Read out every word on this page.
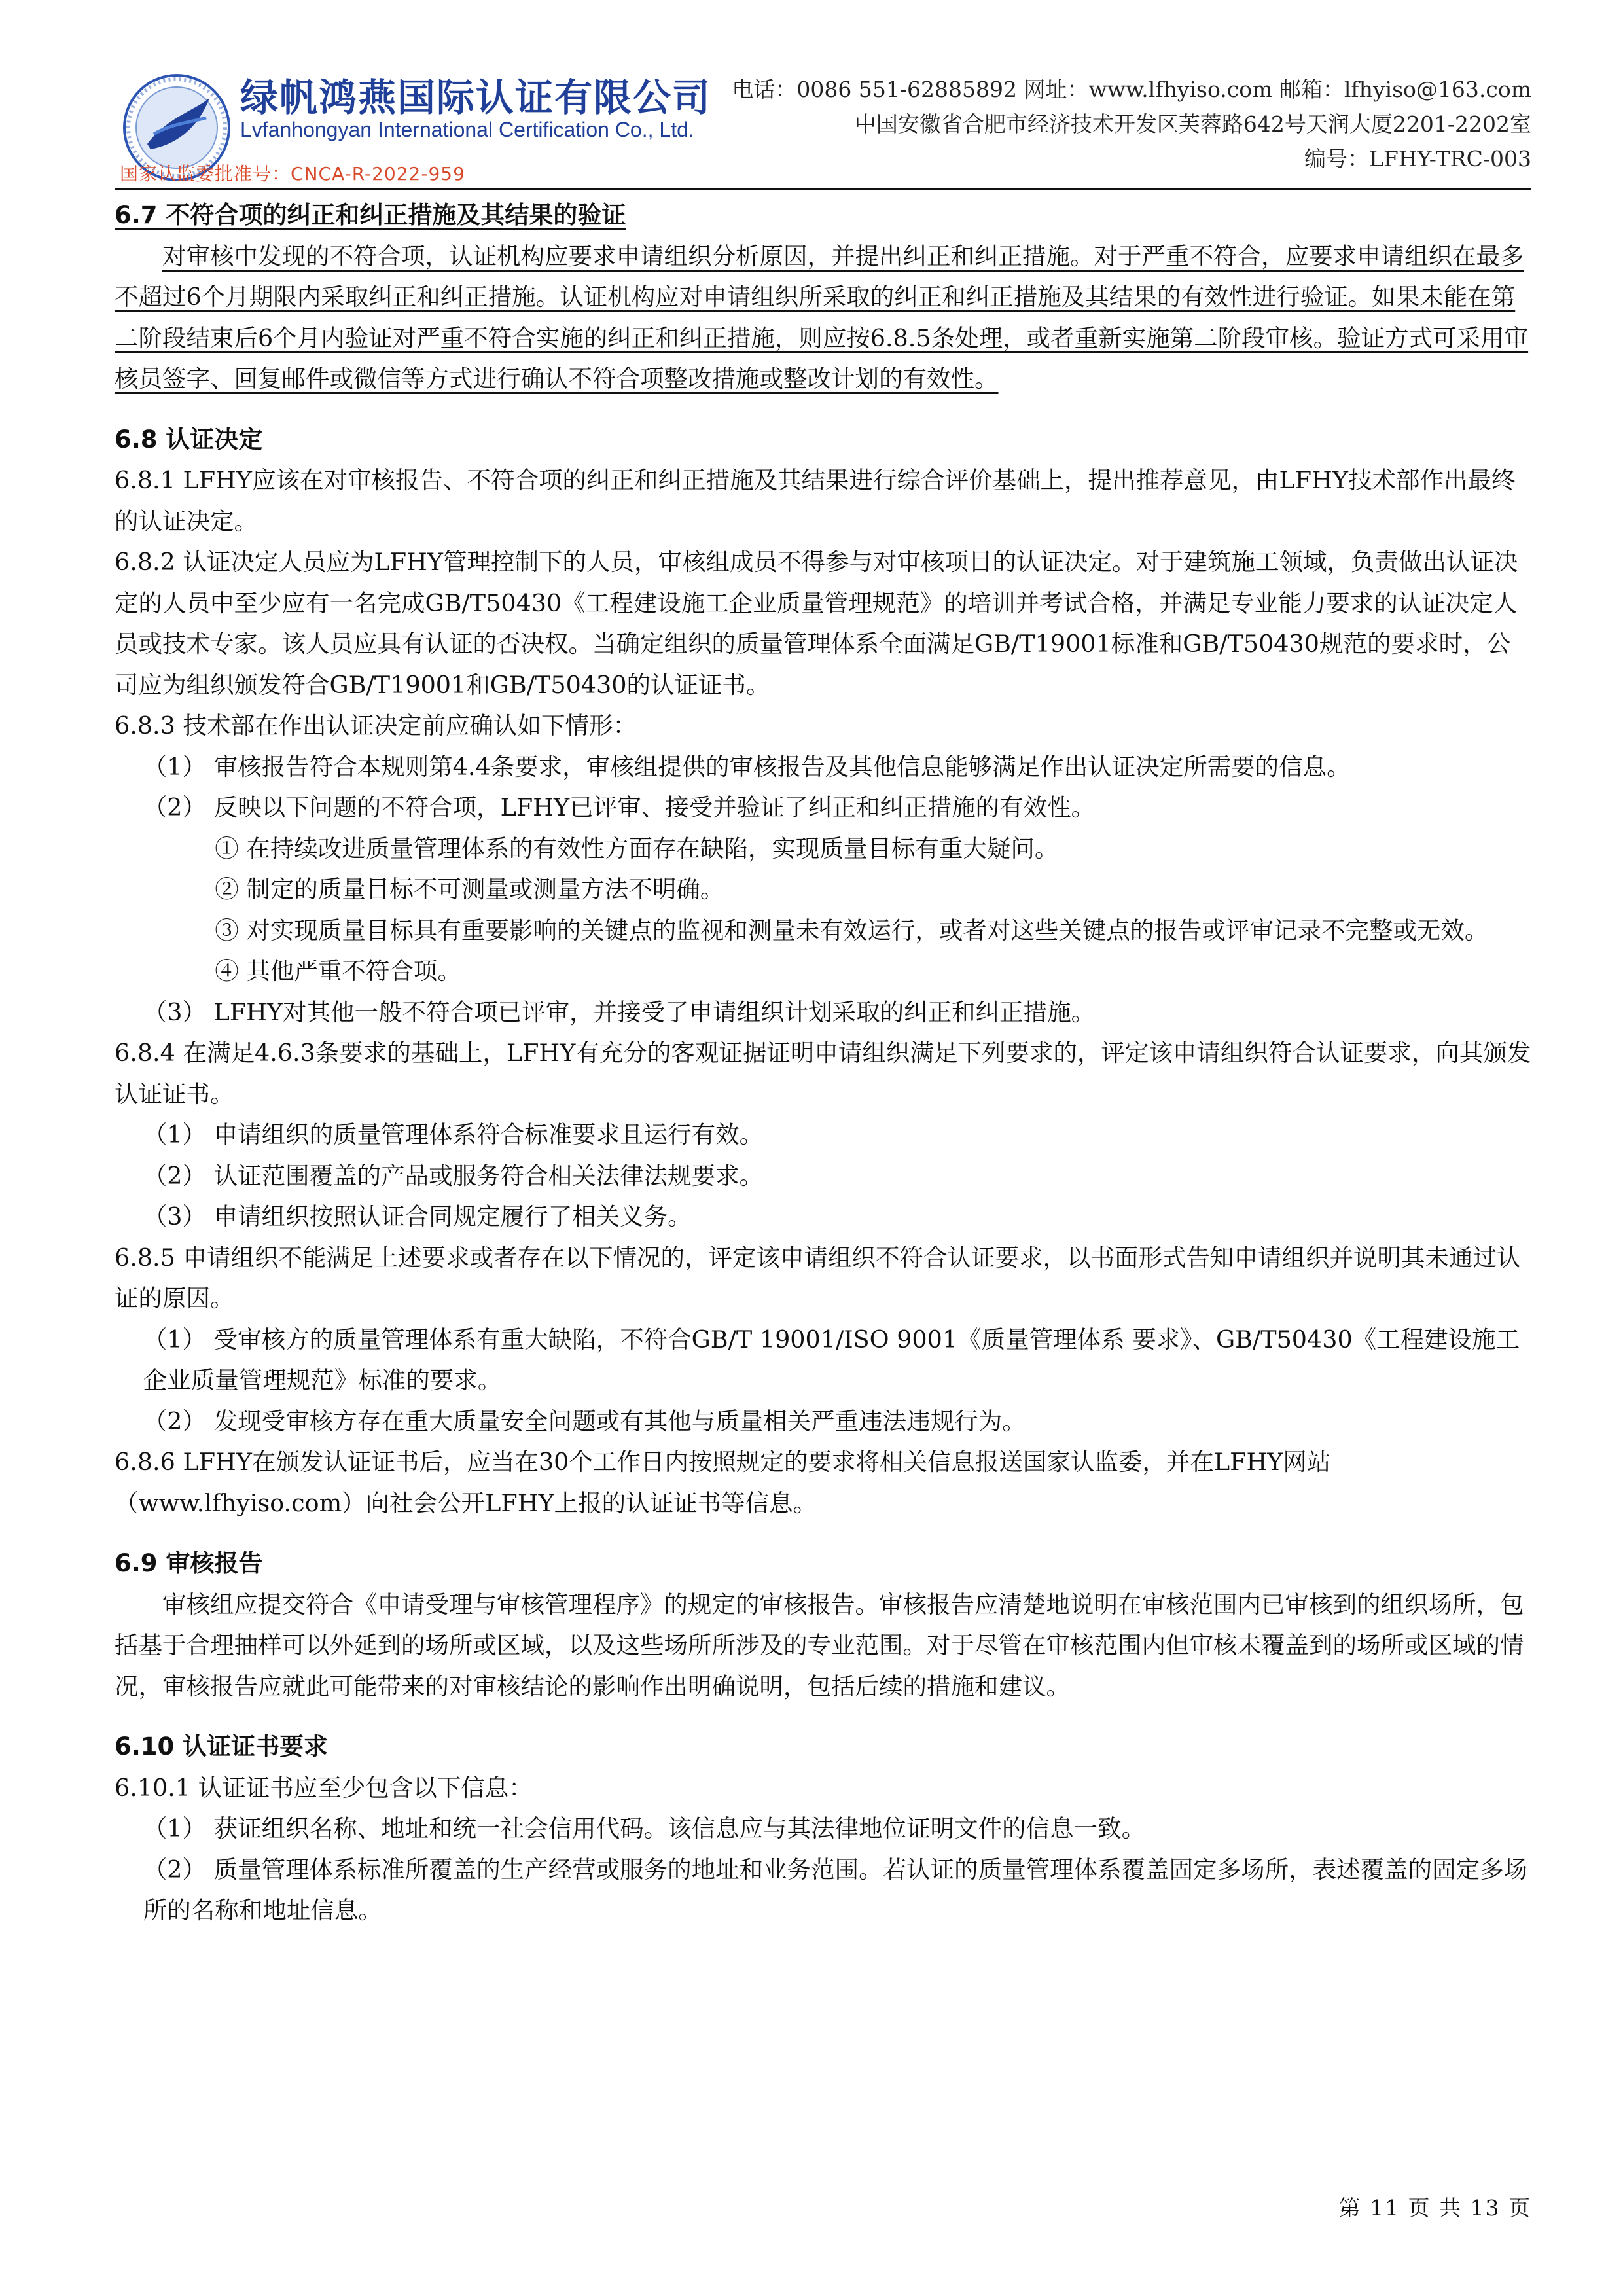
绿帆鸿燕国际认证有限公司
Lvfanhongyan International Certification Co., Ltd.
国家认监委批准号：CNCA-R-2022-959
电话：0086 551-62885892 网址：www.lfhyiso.com 邮箱：lfhyiso@163.com
中国安徽省合肥市经济技术开发区芙蓉路642号天润大厦2201-2202室
编号：LFHY-TRC-003

6.7 不符合项的纠正和纠正措施及其结果的验证

对审核中发现的不符合项，认证机构应要求申请组织分析原因，并提出纠正和纠正措施。对于严重不符合，应要求申请组织在最多不超过6个月期限内采取纠正和纠正措施。认证机构应对申请组织所采取的纠正和纠正措施及其结果的有效性进行验证。如果未能在第二阶段结束后6个月内验证对严重不符合实施的纠正和纠正措施，则应按6.8.5条处理，或者重新实施第二阶段审核。验证方式可采用审核员签字、回复邮件或微信等方式进行确认不符合项整改措施或整改计划的有效性。

6.8 认证决定

6.8.1 LFHY应该在对审核报告、不符合项的纠正和纠正措施及其结果进行综合评价基础上，提出推荐意见，由LFHY技术部作出最终的认证决定。

6.8.2 认证决定人员应为LFHY管理控制下的人员，审核组成员不得参与对审核项目的认证决定。对于建筑施工领域，负责做出认证决定的人员中至少应有一名完成GB/T50430《工程建设施工企业质量管理规范》的培训并考试合格，并满足专业能力要求的认证决定人员或技术专家。该人员应具有认证的否决权。当确定组织的质量管理体系全面满足GB/T19001标准和GB/T50430规范的要求时，公司应为组织颁发符合GB/T19001和GB/T50430的认证证书。

6.8.3 技术部在作出认证决定前应确认如下情形：

（1） 审核报告符合本规则第4.4条要求，审核组提供的审核报告及其他信息能够满足作出认证决定所需要的信息。

（2） 反映以下问题的不符合项，LFHY已评审、接受并验证了纠正和纠正措施的有效性。

① 在持续改进质量管理体系的有效性方面存在缺陷，实现质量目标有重大疑问。

② 制定的质量目标不可测量或测量方法不明确。

③ 对实现质量目标具有重要影响的关键点的监视和测量未有效运行，或者对这些关键点的报告或评审记录不完整或无效。

④ 其他严重不符合项。

（3） LFHY对其他一般不符合项已评审，并接受了申请组织计划采取的纠正和纠正措施。

6.8.4 在满足4.6.3条要求的基础上，LFHY有充分的客观证据证明申请组织满足下列要求的，评定该申请组织符合认证要求，向其颁发认证证书。

（1） 申请组织的质量管理体系符合标准要求且运行有效。

（2） 认证范围覆盖的产品或服务符合相关法律法规要求。

（3） 申请组织按照认证合同规定履行了相关义务。

6.8.5 申请组织不能满足上述要求或者存在以下情况的，评定该申请组织不符合认证要求，以书面形式告知申请组织并说明其未通过认证的原因。

（1） 受审核方的质量管理体系有重大缺陷，不符合GB/T 19001/ISO 9001《质量管理体系 要求》、GB/T50430《工程建设施工企业质量管理规范》标准的要求。

（2） 发现受审核方存在重大质量安全问题或有其他与质量相关严重违法违规行为。

6.8.6 LFHY在颁发认证证书后，应当在30个工作日内按照规定的要求将相关信息报送国家认监委，并在LFHY网站（www.lfhyiso.com）向社会公开LFHY上报的认证证书等信息。

6.9 审核报告

审核组应提交符合《申请受理与审核管理程序》的规定的审核报告。审核报告应清楚地说明在审核范围内已审核到的组织场所，包括基于合理抽样可以外延到的场所或区域，以及这些场所所涉及的专业范围。对于尽管在审核范围内但审核未覆盖到的场所或区域的情况，审核报告应就此可能带来的对审核结论的影响作出明确说明，包括后续的措施和建议。

6.10 认证证书要求

6.10.1 认证证书应至少包含以下信息：

（1） 获证组织名称、地址和统一社会信用代码。该信息应与其法律地位证明文件的信息一致。

（2） 质量管理体系标准所覆盖的生产经营或服务的地址和业务范围。若认证的质量管理体系覆盖固定多场所，表述覆盖的固定多场所的名称和地址信息。

第 11 页 共 13 页
